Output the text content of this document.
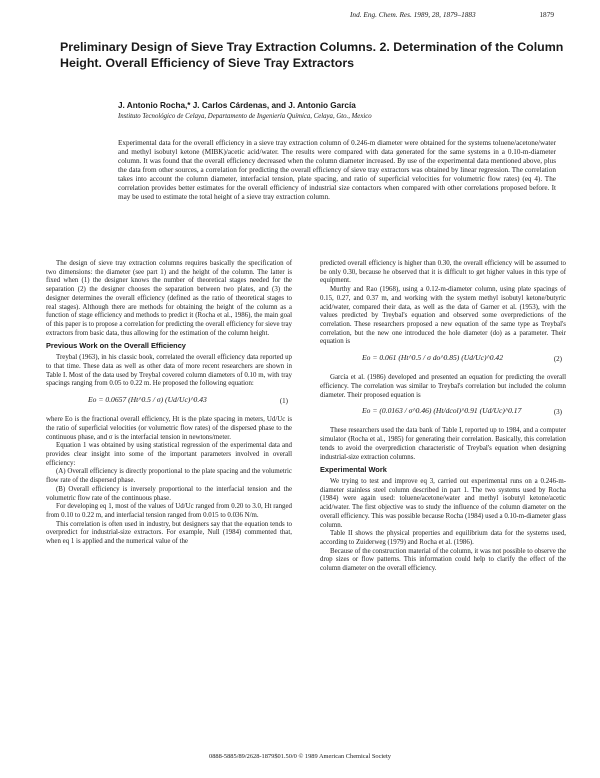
Ind. Eng. Chem. Res. 1989, 28, 1879–1883	1879
Preliminary Design of Sieve Tray Extraction Columns. 2. Determination of the Column Height. Overall Efficiency of Sieve Tray Extractors

J. Antonio Rocha,* J. Carlos Cárdenas, and J. Antonio García

Instituto Tecnológico de Celaya, Departamento de Ingeniería Química, Celaya, Gto., Mexico

Experimental data for the overall efficiency in a sieve tray extraction column of 0.246-m diameter were obtained for the systems toluene/acetone/water and methyl isobutyl ketone (MIBK)/acetic acid/water. The results were compared with data generated for the same systems in a 0.10-m-diameter column. It was found that the overall efficiency decreased when the column diameter increased. By use of the experimental data mentioned above, plus the data from other sources, a correlation for predicting the overall efficiency of sieve tray extractors was obtained by linear regression. The correlation takes into account the column diameter, interfacial tension, plate spacing, and ratio of superficial velocities for volumetric flow rates) (eq 4). The correlation provides better estimates for the overall efficiency of industrial size contactors when compared with other correlations proposed before. It may be used to estimate the total height of a sieve tray extraction column.

The design of sieve tray extraction columns requires basically the specification of two dimensions: the diameter (see part 1) and the height of the column. The latter is fixed when (1) the designer knows the number of theoretical stages needed for the separation (2) the designer chooses the separation between two plates, and (3) the designer determines the overall efficiency (defined as the ratio of theoretical stages to real stages). Although there are methods for obtaining the height of the column as a function of stage efficiency and methods to predict it (Rocha et al., 1986), the main goal of this paper is to propose a correlation for predicting the overall efficiency for sieve tray extractors from basic data, thus allowing for the estimation of the column height.

Previous Work on the Overall Efficiency

Treybal (1963), in his classic book, correlated the overall efficiency data reported up to that time. These data as well as other data of more recent researchers are shown in Table I. Most of the data used by Treybal covered column diameters of 0.10 m, with tray spacings ranging from 0.05 to 0.22 m. He proposed the following equation:

Eo = 0.0657 (Ht^0.5 / σ) (Ud/Uc)^0.43	(1)

where Eo is the fractional overall efficiency, Ht is the plate spacing in meters, Ud/Uc is the ratio of superficial velocities (or volumetric flow rates) of the dispersed phase to the continuous phase, and σ is the interfacial tension in newtons/meter.

Equation 1 was obtained by using statistical regression of the experimental data and provides clear insight into some of the important parameters involved in overall efficiency:

(A) Overall efficiency is directly proportional to the plate spacing and the volumetric flow rate of the dispersed phase.

(B) Overall efficiency is inversely proportional to the interfacial tension and the volumetric flow rate of the continuous phase.

For developing eq 1, most of the values of Ud/Uc ranged from 0.20 to 3.0, Ht ranged from 0.10 to 0.22 m, and interfacial tension ranged from 0.015 to 0.036 N/m.

This correlation is often used in industry, but designers say that the equation tends to overpredict for industrial-size extractors. For example, Null (1984) commented that, when eq 1 is applied and the numerical value of the

predicted overall efficiency is higher than 0.30, the overall efficiency will be assumed to be only 0.30, because he observed that it is difficult to get higher values in this type of equipment.

Murthy and Rao (1968), using a 0.12-m-diameter column, using plate spacings of 0.15, 0.27, and 0.37 m, and working with the system methyl isobutyl ketone/butyric acid/water, compared their data, as well as the data of Garner et al. (1953), with the values predicted by Treybal's equation and observed some overpredictions of the correlation. These researchers proposed a new equation of the same type as Treybal's correlation, but the new one introduced the hole diameter (do) as a parameter. Their equation is

Eo = 0.061 (Ht^0.5 / σ do^0.85) (Ud/Uc)^0.42	(2)

García et al. (1986) developed and presented an equation for predicting the overall efficiency. The correlation was similar to Treybal's correlation but included the column diameter. Their proposed equation is

Eo = (0.0163 / σ^0.46) (Ht/dcol)^0.91 (Ud/Uc)^0.17	(3)

These researchers used the data bank of Table I, reported up to 1984, and a computer simulator (Rocha et al., 1985) for generating their correlation. Basically, this correlation tends to avoid the overprediction characteristic of Treybal's equation when designing industrial-size extraction columns.

Experimental Work

We trying to test and improve eq 3, carried out experimental runs on a 0.246-m-diameter stainless steel column described in part 1. The two systems used by Rocha (1984) were again used: toluene/acetone/water and methyl isobutyl ketone/acetic acid/water. The first objective was to study the influence of the column diameter on the overall efficiency. This was possible because Rocha (1984) used a 0.10-m-diameter glass column.

Table II shows the physical properties and equilibrium data for the systems used, according to Zuiderweg (1979) and Rocha et al. (1986).

Because of the construction material of the column, it was not possible to observe the drop sizes or flow patterns. This information could help to clarify the effect of the column diameter on the overall efficiency.

0888-5885/89/2628-1879$01.50/0 © 1989 American Chemical Society
